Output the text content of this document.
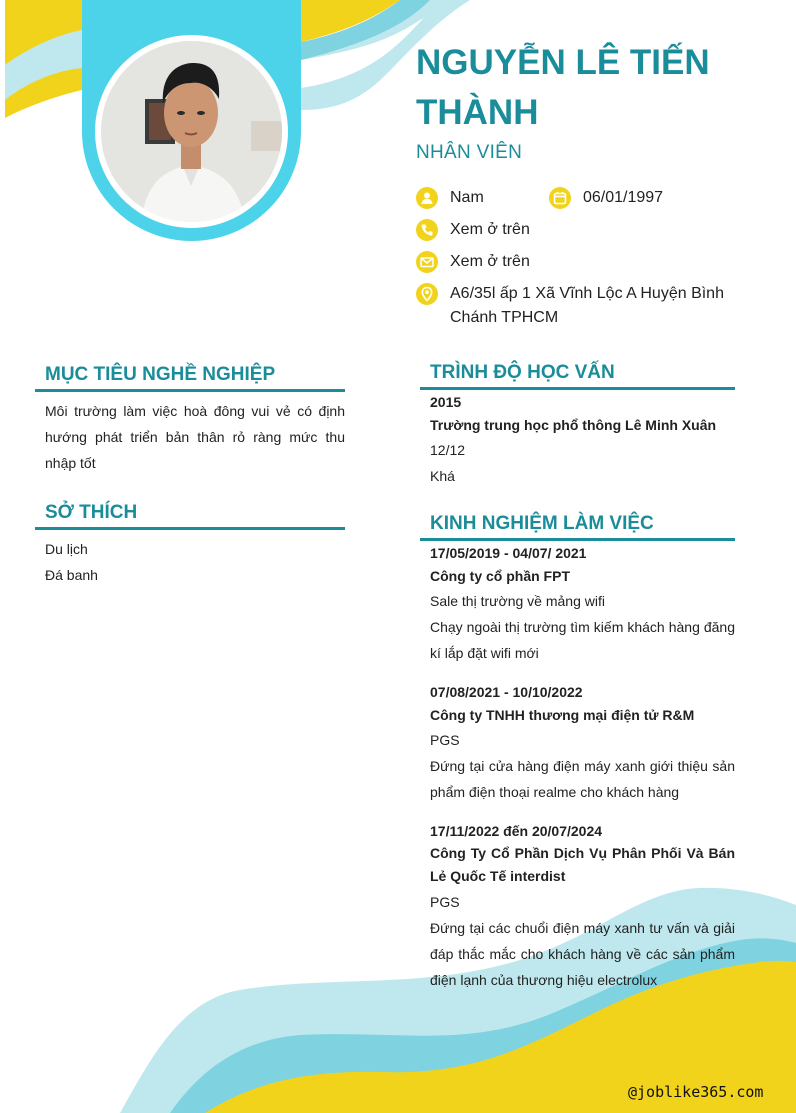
NGUYỄN LÊ TIẾN
THÀNH
NHÂN VIÊN
Nam	06/01/1997
Xem ở trên
Xem ở trên
A6/35l ấp 1 Xã Vĩnh Lộc A Huyện Bình
Chánh TPHCM
MỤC TIÊU NGHỀ NGHIỆP
Môi trường làm việc hoà đông vui vẻ có định hướng phát triển bản thân rỏ ràng mức thu nhập tốt
SỞ THÍCH
Du lịch
Đá banh
TRÌNH ĐỘ HỌC VẤN
2015
Trường trung học phổ thông Lê Minh Xuân
12/12
Khá
KINH NGHIỆM LÀM VIỆC
17/05/2019 - 04/07/ 2021
Công ty cổ phần FPT
Sale thị trường về mảng wifi
Chạy ngoài thị trường tìm kiếm khách hàng đăng kí lắp đặt wifi mới
07/08/2021 - 10/10/2022
Công ty TNHH thương mại điện tử R&M
PGS
Đứng tại cửa hàng điện máy xanh giới thiệu sản phẩm điện thoại realme cho khách hàng
17/11/2022 đến 20/07/2024
Công Ty Cổ Phần Dịch Vụ Phân Phối Và Bán Lẻ Quốc Tế interdist
PGS
Đứng tại các chuổi điện máy xanh tư vấn và giải đáp thắc mắc cho khách hàng về các sản phẩm điện lạnh của thương hiệu electrolux
@joblike365.com
